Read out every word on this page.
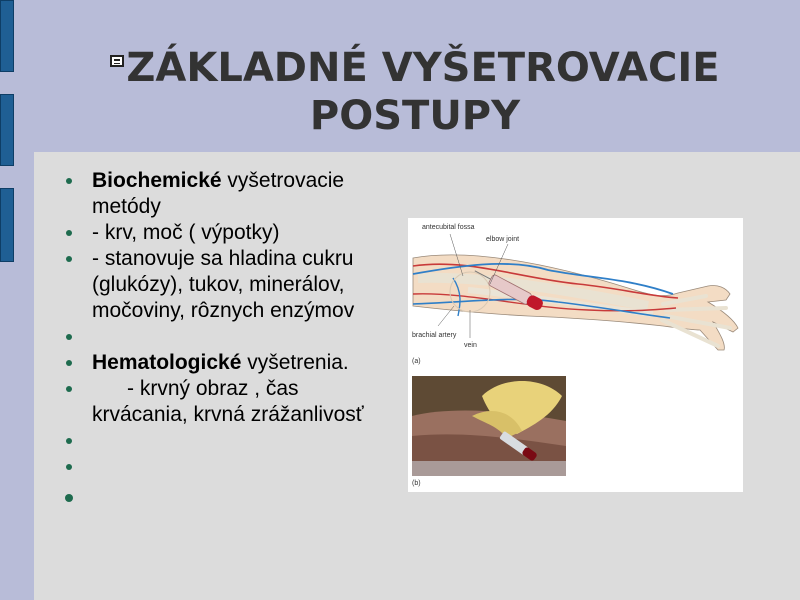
ZÁKLADNÉ VYŠETROVACIE
POSTUPY
Biochemické vyšetrovacie metódy
- krv, moč ( výpotky)
- stanovuje sa hladina cukru (glukózy), tukov, minerálov, močoviny, rôznych enzýmov
Hematologické vyšetrenia.
- krvný obraz , čas krvácania, krvná zrážanlivosť
antecubital fossa
elbow joint
brachial artery
vein
(a)
(b)
